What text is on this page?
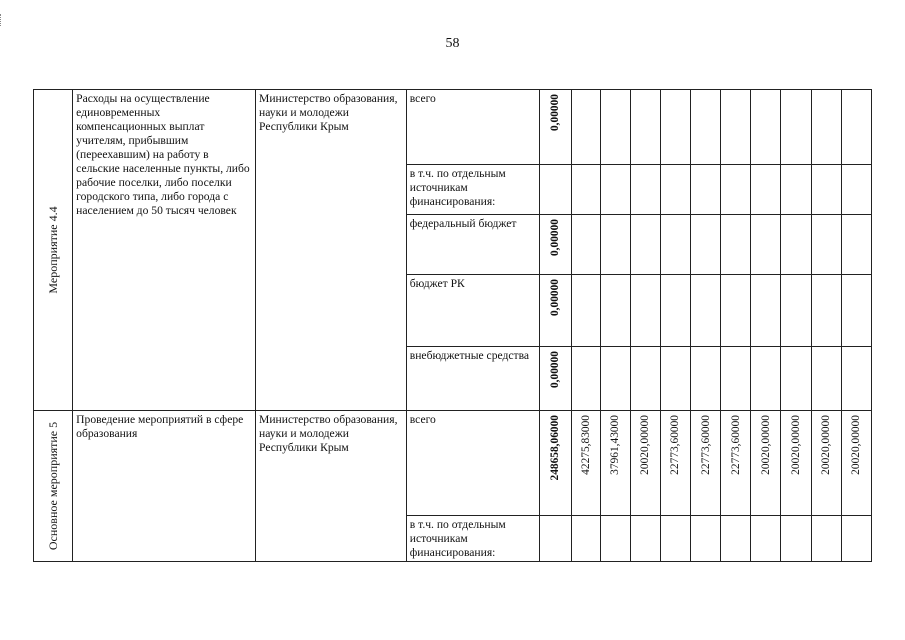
58
Мероприятие 4.4	Расходы на осуществление единовременных компенсационных выплат учителям, прибывшим (переехавшим) на работу в сельские населенные пункты, либо рабочие поселки, либо поселки городского типа, либо города с населением до 50 тысяч человек	Министерство образования, науки и молодежи Республики Крым	всего	0,00000										

			в т.ч. по отдельным источникам финансирования:											

			федеральный бюджет	0,00000										

			бюджет РК	0,00000										

			внебюджетные средства	0,00000										

Основное мероприятие 5	Проведение мероприятий в сфере образования	Министерство образования, науки и молодежи Республики Крым	всего	248658,06000	42275,83000	37961,43000	20020,00000	22773,60000	22773,60000	22773,60000	20020,00000	20020,00000	20020,00000	20020,00000

			в т.ч. по отдельным источникам финансирования:											
